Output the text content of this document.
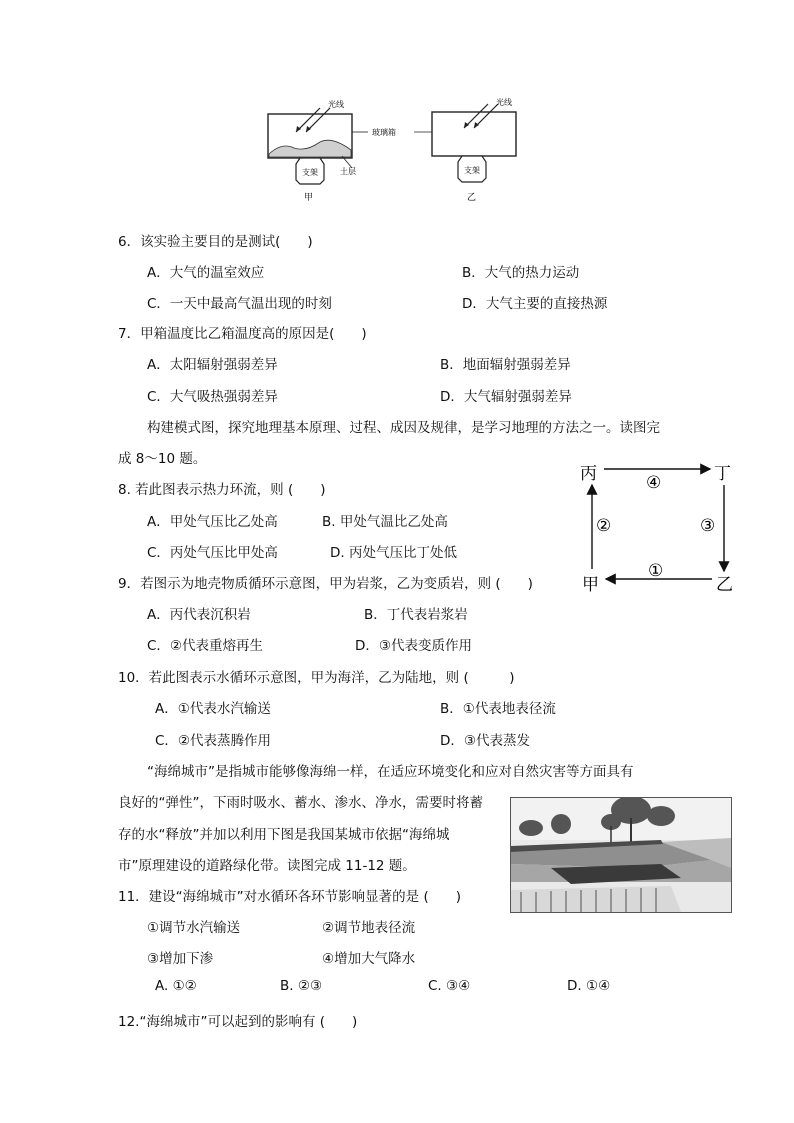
光线
支架
甲
土层
玻璃箱
光线
支架
乙
6．该实验主要目的是测试(　　)
A．大气的温室效应	B．大气的热力运动
C．一天中最高气温出现的时刻	D．大气主要的直接热源
7．甲箱温度比乙箱温度高的原因是(　　)
A．太阳辐射强弱差异	B．地面辐射强弱差异
C．大气吸热强弱差异	D．大气辐射强弱差异
构建模式图，探究地理基本原理、过程、成因及规律，是学习地理的方法之一。读图完
成 8～10 题。
8. 若此图表示热力环流，则 (　　)
A．甲处气压比乙处高	B. 甲处气温比乙处高
C．丙处气压比甲处高	D. 丙处气压比丁处低
丙	丁
甲	乙
④
②	③
①
9．若图示为地壳物质循环示意图，甲为岩浆，乙为变质岩，则 (　　)
A．丙代表沉积岩	B．丁代表岩浆岩
C．②代表重熔再生	D．③代表变质作用
10．若此图表示水循环示意图，甲为海洋，乙为陆地，则 (　　　)
A．①代表水汽输送	B．①代表地表径流
C．②代表蒸腾作用	D．③代表蒸发
“海绵城市”是指城市能够像海绵一样，在适应环境变化和应对自然灾害等方面具有
良好的“弹性”，下雨时吸水、蓄水、渗水、净水，需要时将蓄
存的水“释放”并加以利用下图是我国某城市依据“海绵城
市”原理建设的道路绿化带。读图完成 11-12 题。
11．建设“海绵城市”对水循环各环节影响显著的是 (　　)
①调节水汽输送	②调节地表径流
③增加下渗	④增加大气降水
A. ①②	B. ②③	C. ③④	D. ①④
12.“海绵城市”可以起到的影响有 (　　)
